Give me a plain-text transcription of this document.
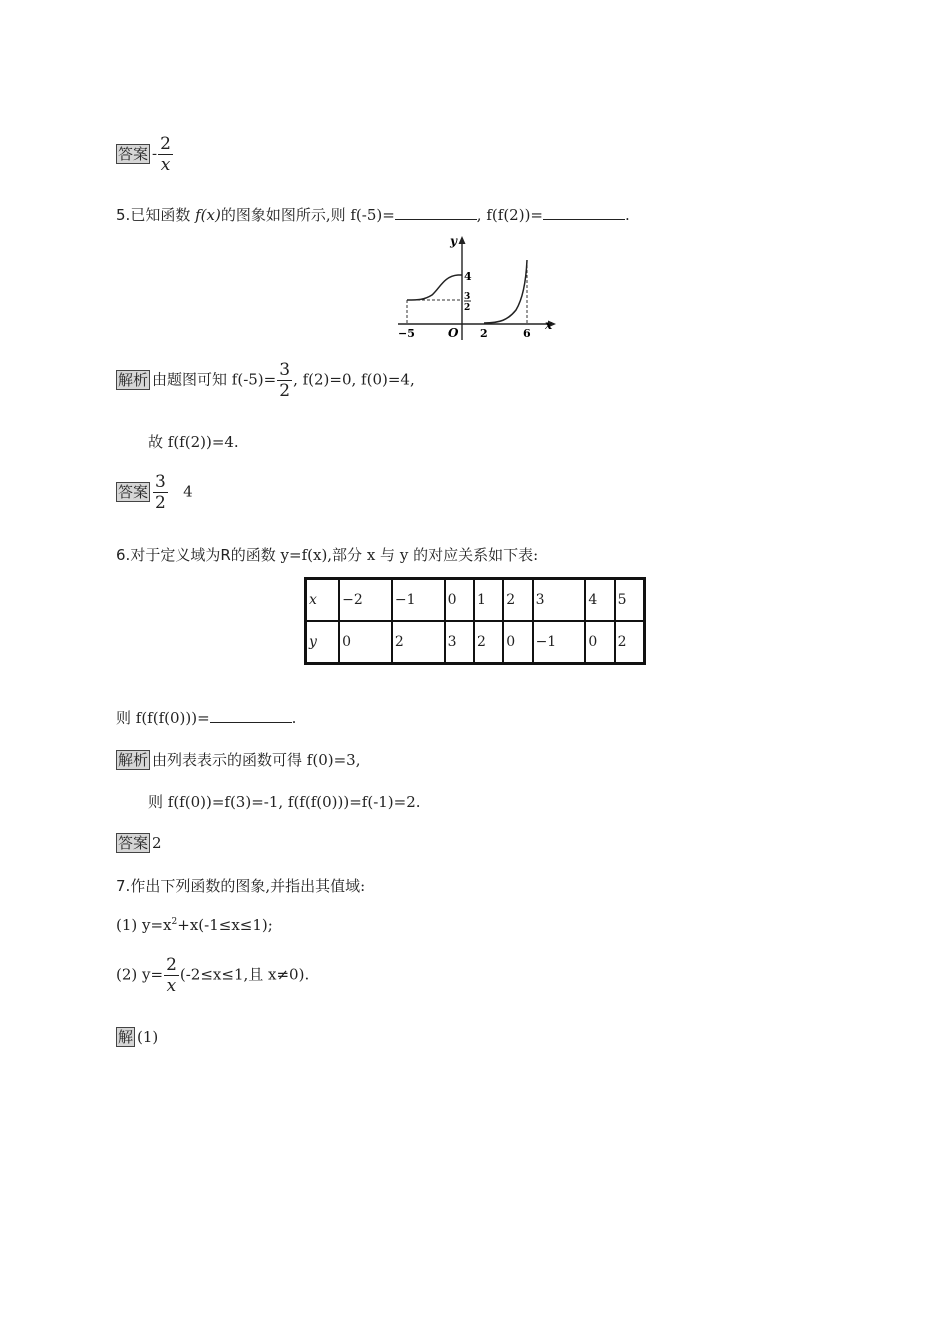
答案 - $\frac{2}{x}$
5.已知函数 f(x)的图象如图所示,则 f(-5)=	, f(f(2))=	.
y
x
O
−5	2	6
4
3
2
解析 由题图可知 $f(-5)= \frac{3}{2}$ , f(2)=0, f(0)=4,
故 f(f(2))=4.
答案 $\frac{3}{2} 4$
6.对于定义域为R的函数 y=f(x),部分 x 与 y 的对应关系如下表:
x	−2	−1	0	1	2	3	4	5
y	0	2	3	2	0	−1	0	2
则 f(f(f(0)))=	.
解析 由列表表示的函数可得 f(0)=3,
则 f(f(0))=f(3)=-1, f(f(f(0)))=f(-1)=2.
答案 2
7.作出下列函数的图象,并指出其值域:
(1) $y=x^2+x(-1\le x\le 1)$;
(2) $y= \frac{2}{x} (-2\le x\le 1$,且 x≠0).
解 (1)
